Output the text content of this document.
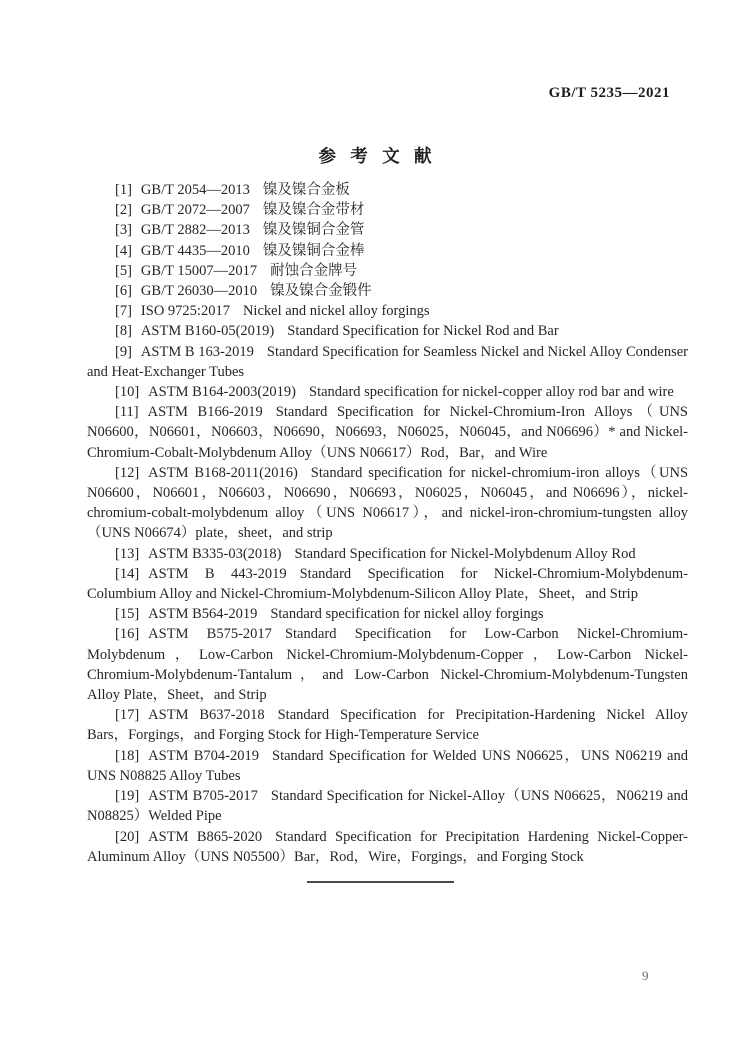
GB/T 5235—2021
参 考 文 献

[1] GB/T 2054—2013 镍及镍合金板

[2] GB/T 2072—2007 镍及镍合金带材

[3] GB/T 2882—2013 镍及镍铜合金管

[4] GB/T 4435—2010 镍及镍铜合金棒

[5] GB/T 15007—2017 耐蚀合金牌号

[6] GB/T 26030—2010 镍及镍合金锻件

[7] ISO 9725:2017 Nickel and nickel alloy forgings

[8] ASTM B160-05(2019) Standard Specification for Nickel Rod and Bar

[9] ASTM B 163-2019 Standard Specification for Seamless Nickel and Nickel Alloy Condenser and Heat-Exchanger Tubes

[10] ASTM B164-2003(2019) Standard specification for nickel-copper alloy rod bar and wire

[11] ASTM B166-2019 Standard Specification for Nickel-Chromium-Iron Alloys（UNS N06600，N06601，N06603，N06690，N06693，N06025，N06045，and N06696）* and Nickel-Chromium-Cobalt-Molybdenum Alloy（UNS N06617）Rod，Bar，and Wire

[12] ASTM B168-2011(2016) Standard specification for nickel-chromium-iron alloys（UNS N06600，N06601，N06603，N06690，N06693，N06025，N06045，and N06696），nickel-chromium-cobalt-molybdenum alloy（UNS N06617），and nickel-iron-chromium-tungsten alloy（UNS N06674）plate，sheet，and strip

[13] ASTM B335-03(2018) Standard Specification for Nickel-Molybdenum Alloy Rod

[14] ASTM B 443-2019 Standard Specification for Nickel-Chromium-Molybdenum-Columbium Alloy and Nickel-Chromium-Molybdenum-Silicon Alloy Plate，Sheet，and Strip

[15] ASTM B564-2019 Standard specification for nickel alloy forgings

[16] ASTM B575-2017 Standard Specification for Low-Carbon Nickel-Chromium-Molybdenum，Low-Carbon Nickel-Chromium-Molybdenum-Copper，Low-Carbon Nickel-Chromium-Molybdenum-Tantalum，and Low-Carbon Nickel-Chromium-Molybdenum-Tungsten Alloy Plate，Sheet，and Strip

[17] ASTM B637-2018 Standard Specification for Precipitation-Hardening Nickel Alloy Bars，Forgings，and Forging Stock for High-Temperature Service

[18] ASTM B704-2019 Standard Specification for Welded UNS N06625，UNS N06219 and UNS N08825 Alloy Tubes

[19] ASTM B705-2017 Standard Specification for Nickel-Alloy（UNS N06625，N06219 and N08825）Welded Pipe

[20] ASTM B865-2020 Standard Specification for Precipitation Hardening Nickel-Copper-Aluminum Alloy（UNS N05500）Bar，Rod，Wire，Forgings，and Forging Stock

9
